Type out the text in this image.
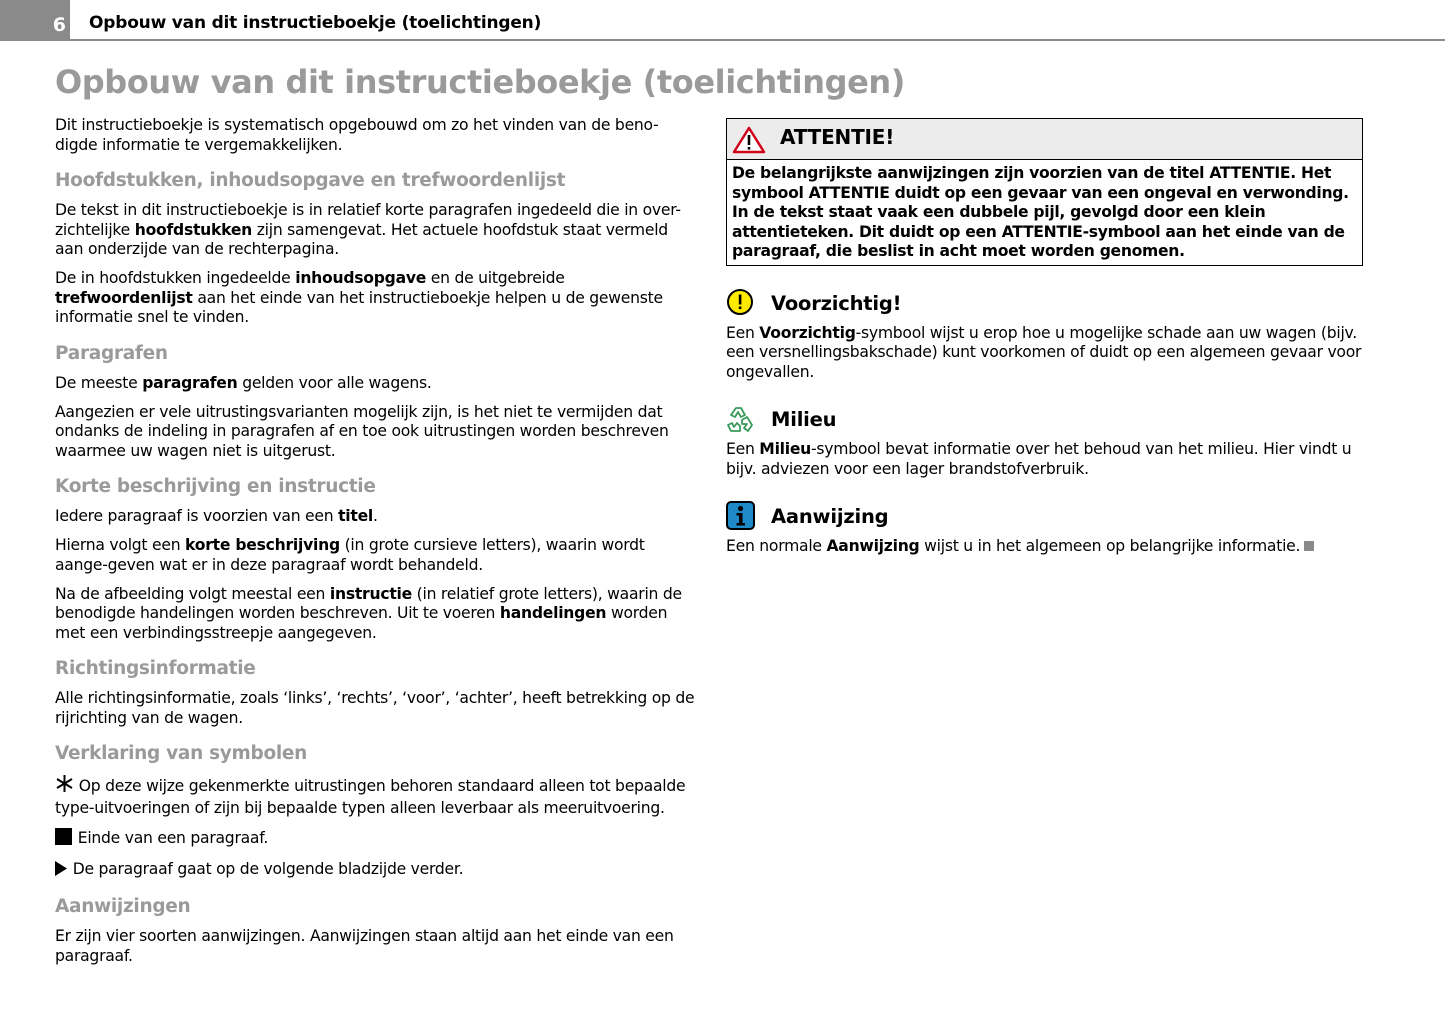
6 Opbouw van dit instructieboekje (toelichtingen)
Opbouw van dit instructieboekje (toelichtingen)

Dit instructieboekje is systematisch opgebouwd om zo het vinden van de beno-digde informatie te vergemakkelijken.

Hoofdstukken, inhoudsopgave en trefwoordenlijst

De tekst in dit instructieboekje is in relatief korte paragrafen ingedeeld die in over-zichtelijke hoofdstukken zijn samengevat. Het actuele hoofdstuk staat vermeld aan onderzijde van de rechterpagina.

De in hoofdstukken ingedeelde inhoudsopgave en de uitgebreide trefwoordenlijst aan het einde van het instructieboekje helpen u de gewenste informatie snel te vinden.

Paragrafen

De meeste paragrafen gelden voor alle wagens.

Aangezien er vele uitrustingsvarianten mogelijk zijn, is het niet te vermijden dat ondanks de indeling in paragrafen af en toe ook uitrustingen worden beschreven waarmee uw wagen niet is uitgerust.

Korte beschrijving en instructie

Iedere paragraaf is voorzien van een titel.

Hierna volgt een korte beschrijving (in grote cursieve letters), waarin wordt aange-geven wat er in deze paragraaf wordt behandeld.

Na de afbeelding volgt meestal een instructie (in relatief grote letters), waarin de benodigde handelingen worden beschreven. Uit te voeren handelingen worden met een verbindingsstreepje aangegeven.

Richtingsinformatie

Alle richtingsinformatie, zoals ‘links’, ‘rechts’, ‘voor’, ‘achter’, heeft betrekking op de rijrichting van de wagen.

Verklaring van symbolen

Op deze wijze gekenmerkte uitrustingen behoren standaard alleen tot bepaalde type-uitvoeringen of zijn bij bepaalde typen alleen leverbaar als meeruitvoering.

Einde van een paragraaf.

De paragraaf gaat op de volgende bladzijde verder.

Aanwijzingen

Er zijn vier soorten aanwijzingen. Aanwijzingen staan altijd aan het einde van een paragraaf.

ATTENTIE!
De belangrijkste aanwijzingen zijn voorzien van de titel ATTENTIE. Het symbool ATTENTIE duidt op een gevaar van een ongeval en verwonding. In de tekst staat vaak een dubbele pijl, gevolgd door een klein attentieteken. Dit duidt op een ATTENTIE-symbool aan het einde van de paragraaf, die beslist in acht moet worden genomen.
Voorzichtig!

Een Voorzichtig-symbool wijst u erop hoe u mogelijke schade aan uw wagen (bijv. een versnellingsbakschade) kunt voorkomen of duidt op een algemeen gevaar voor ongevallen.

Milieu

Een Milieu-symbool bevat informatie over het behoud van het milieu. Hier vindt u bijv. adviezen voor een lager brandstofverbruik.

Aanwijzing

Een normale Aanwijzing wijst u in het algemeen op belangrijke informatie.
